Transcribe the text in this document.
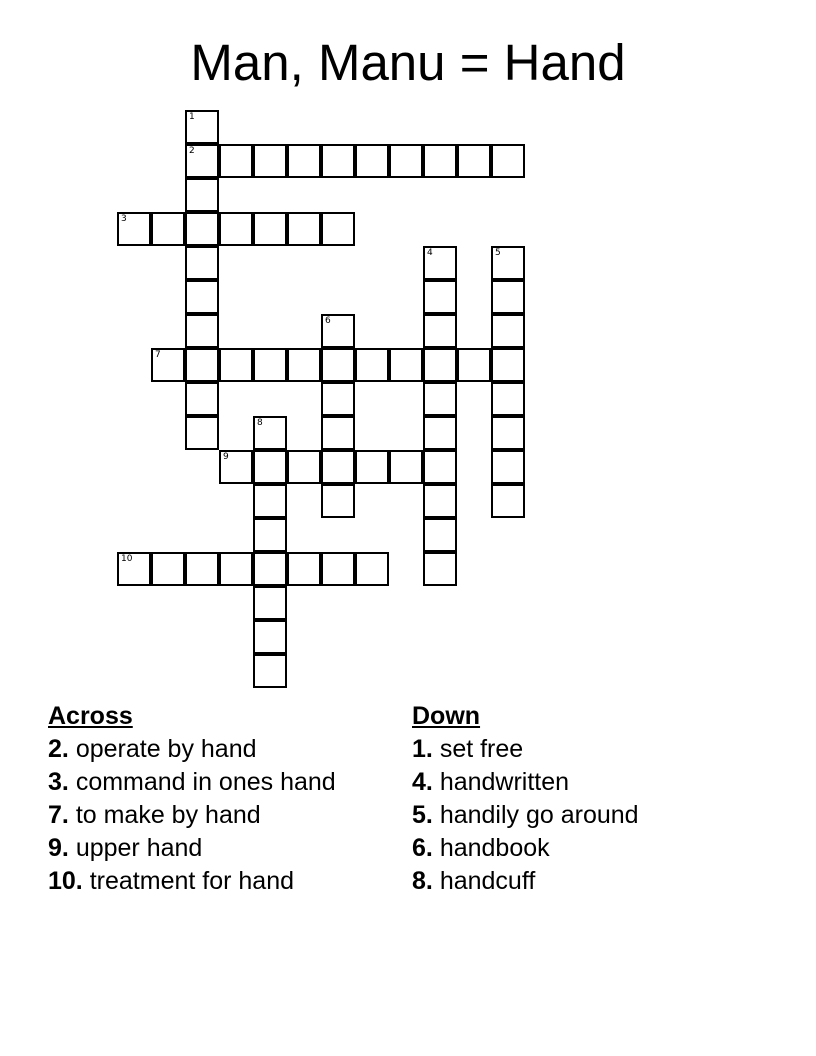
Man, Manu = Hand
1
2
3
4	5
6
7
8
9
10
Across
2. operate by hand
3. command in ones hand
7. to make by hand
9. upper hand
10. treatment for hand
Down
1. set free
4. handwritten
5. handily go around
6. handbook
8. handcuff
